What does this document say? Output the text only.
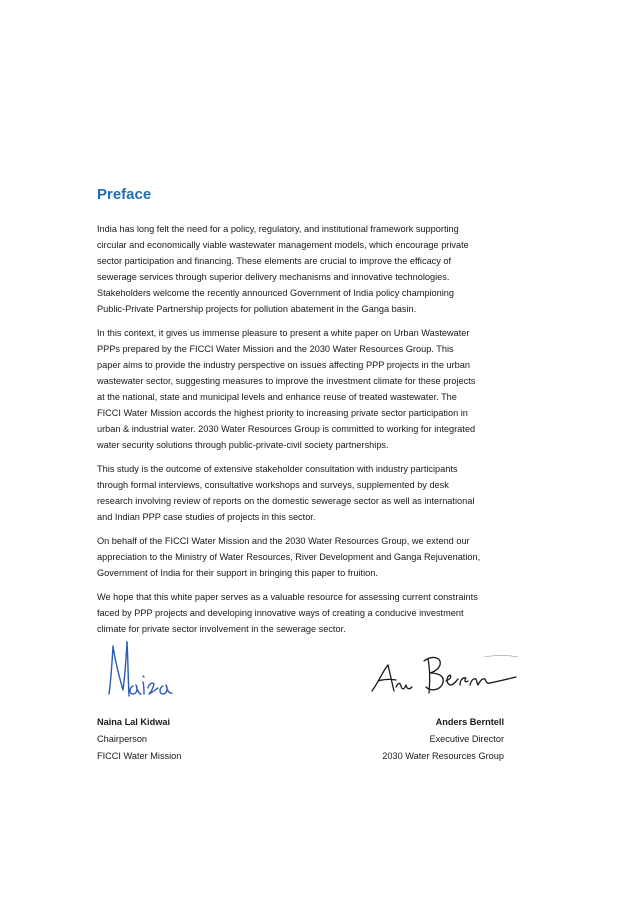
Preface

India has long felt the need for a policy, regulatory, and institutional framework supporting
circular and economically viable wastewater management models, which encourage private
sector participation and financing. These elements are crucial to improve the efficacy of
sewerage services through superior delivery mechanisms and innovative technologies.
Stakeholders welcome the recently announced Government of India policy championing
Public-Private Partnership projects for pollution abatement in the Ganga basin.

In this context, it gives us immense pleasure to present a white paper on Urban Wastewater
PPPs prepared by the FICCI Water Mission and the 2030 Water Resources Group. This
paper aims to provide the industry perspective on issues affecting PPP projects in the urban
wastewater sector, suggesting measures to improve the investment climate for these projects
at the national, state and municipal levels and enhance reuse of treated wastewater. The
FICCI Water Mission accords the highest priority to increasing private sector participation in
urban & industrial water. 2030 Water Resources Group is committed to working for integrated
water security solutions through public-private-civil society partnerships.

This study is the outcome of extensive stakeholder consultation with industry participants
through formal interviews, consultative workshops and surveys, supplemented by desk
research involving review of reports on the domestic sewerage sector as well as international
and Indian PPP case studies of projects in this sector.

On behalf of the FICCI Water Mission and the 2030 Water Resources Group, we extend our
appreciation to the Ministry of Water Resources, River Development and Ganga Rejuvenation,
Government of India for their support in bringing this paper to fruition.

We hope that this white paper serves as a valuable resource for assessing current constraints
faced by PPP projects and developing innovative ways of creating a conducive investment
climate for private sector involvement in the sewerage sector.

Naina Lal Kidwai
Chairperson
FICCI Water Mission
Anders Berntell
Executive Director
2030 Water Resources Group
